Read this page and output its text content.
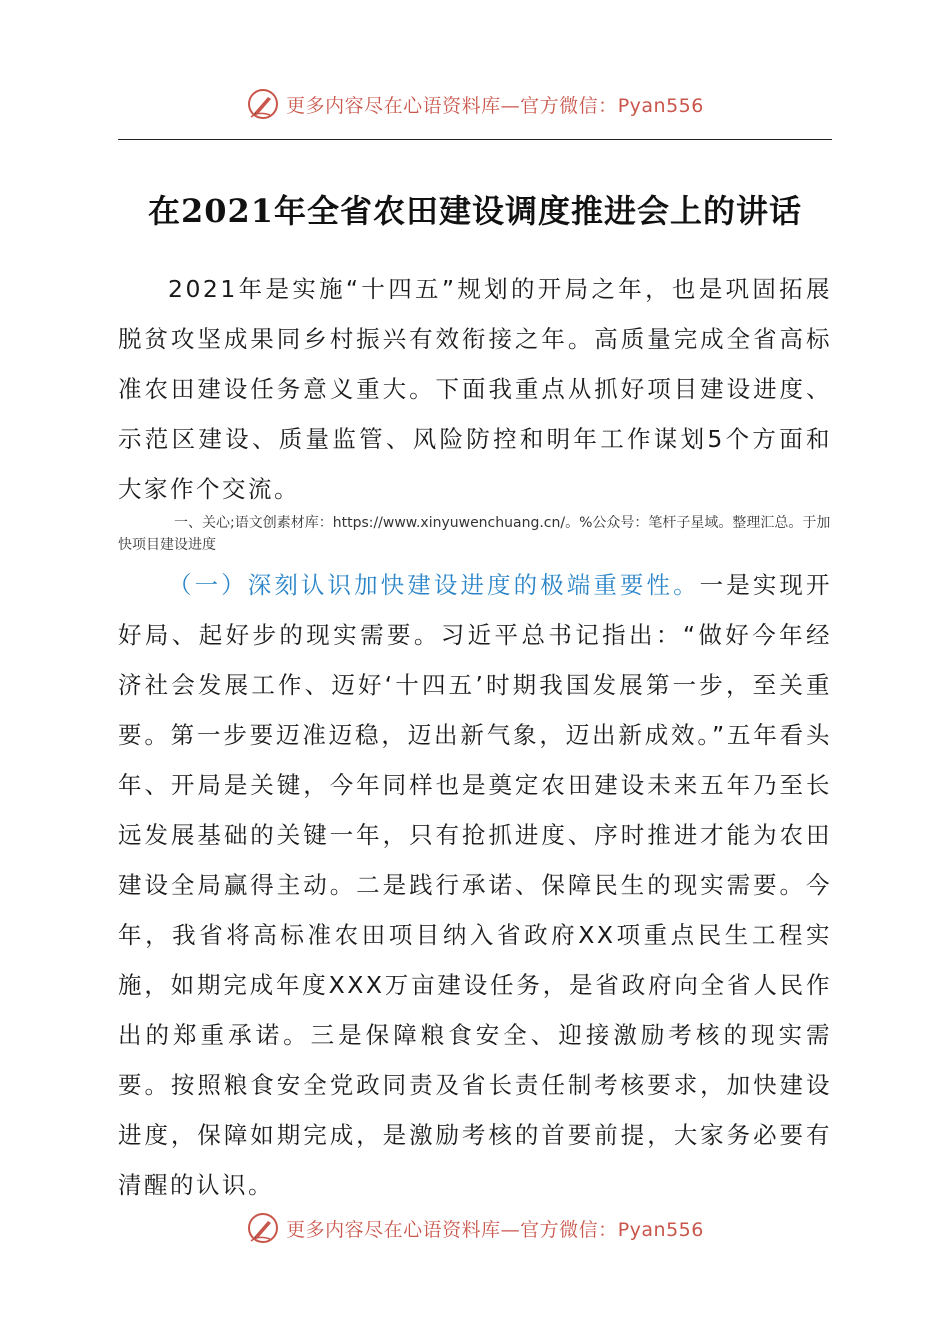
更多内容尽在心语资料库—官方微信：Pyan556
在2021年全省农田建设调度推进会上的讲话

2021年是实施“十四五”规划的开局之年，也是巩固拓展脱贫攻坚成果同乡村振兴有效衔接之年。高质量完成全省高标准农田建设任务意义重大。下面我重点从抓好项目建设进度、示范区建设、质量监管、风险防控和明年工作谋划5个方面和大家作个交流。

一、关心;语文创素材库：https://www.xinyuwenchuang.cn/。%公众号：笔杆子星域。整理汇总。于加快项目建设进度

（一）深刻认识加快建设进度的极端重要性。一是实现开好局、起好步的现实需要。习近平总书记指出：“做好今年经济社会发展工作、迈好‘十四五’时期我国发展第一步，至关重要。第一步要迈准迈稳，迈出新气象，迈出新成效。”五年看头年、开局是关键，今年同样也是奠定农田建设未来五年乃至长远发展基础的关键一年，只有抢抓进度、序时推进才能为农田建设全局赢得主动。二是践行承诺、保障民生的现实需要。今年，我省将高标准农田项目纳入省政府XX项重点民生工程实施，如期完成年度XXX万亩建设任务，是省政府向全省人民作出的郑重承诺。三是保障粮食安全、迎接激励考核的现实需要。按照粮食安全党政同责及省长责任制考核要求，加快建设进度，保障如期完成，是激励考核的首要前提，大家务必要有清醒的认识。

更多内容尽在心语资料库—官方微信：Pyan556
